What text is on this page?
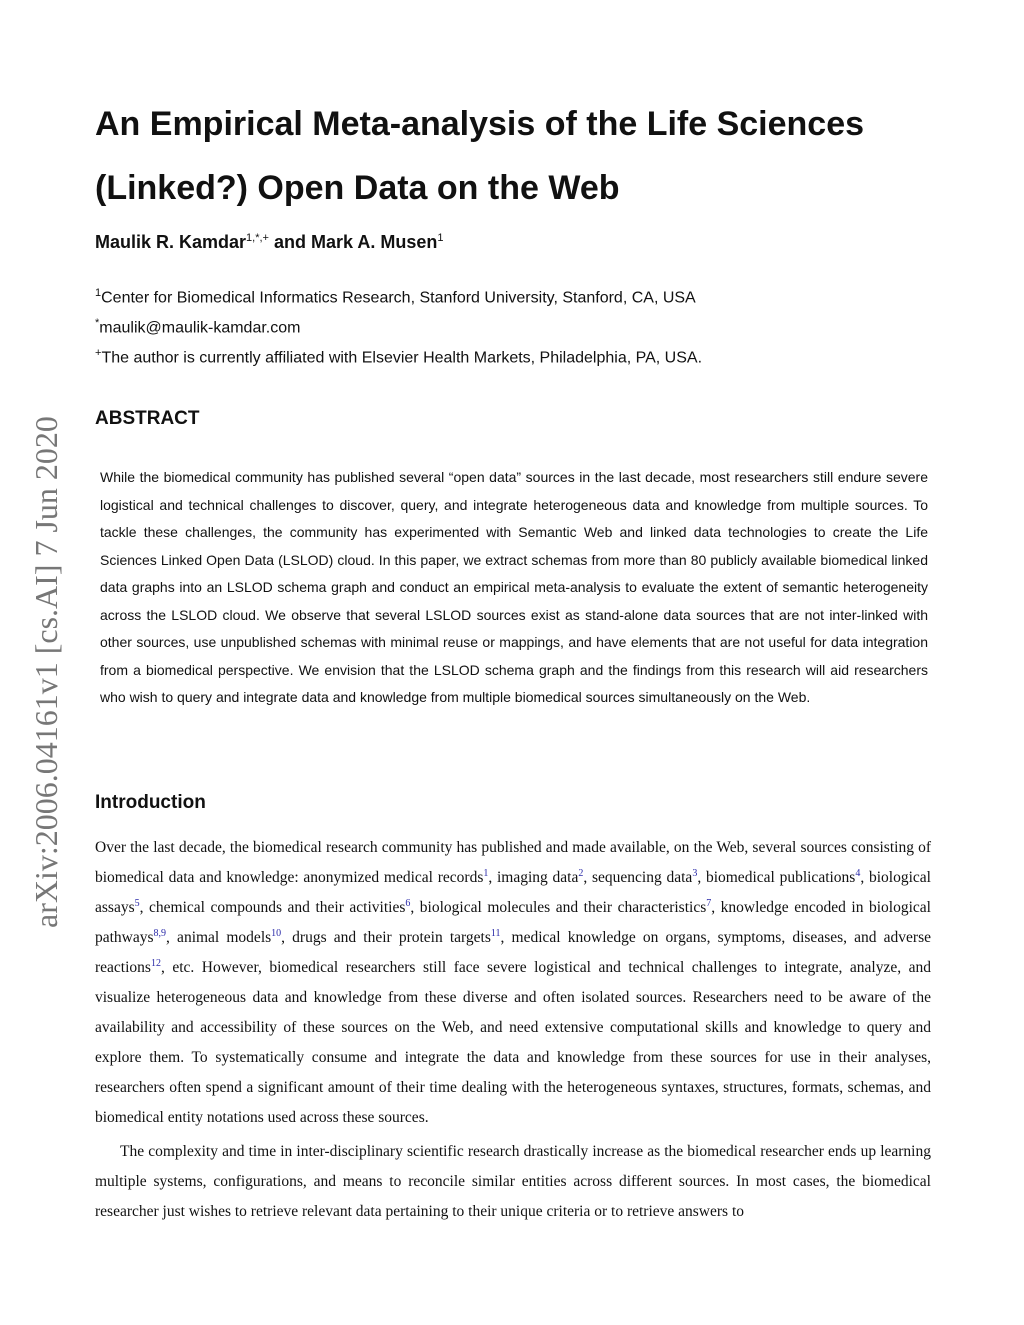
arXiv:2006.04161v1 [cs.AI] 7 Jun 2020
An Empirical Meta-analysis of the Life Sciences (Linked?) Open Data on the Web
Maulik R. Kamdar$^{1,*,+}$ and Mark A. Musen$^1$
$^1$Center for Biomedical Informatics Research, Stanford University, Stanford, CA, USA
*maulik@maulik-kamdar.com
+The author is currently affiliated with Elsevier Health Markets, Philadelphia, PA, USA.
ABSTRACT

While the biomedical community has published several “open data” sources in the last decade, most researchers still endure severe logistical and technical challenges to discover, query, and integrate heterogeneous data and knowledge from multiple sources. To tackle these challenges, the community has experimented with Semantic Web and linked data technologies to create the Life Sciences Linked Open Data (LSLOD) cloud. In this paper, we extract schemas from more than 80 publicly available biomedical linked data graphs into an LSLOD schema graph and conduct an empirical meta-analysis to evaluate the extent of semantic heterogeneity across the LSLOD cloud. We observe that several LSLOD sources exist as stand-alone data sources that are not inter-linked with other sources, use unpublished schemas with minimal reuse or mappings, and have elements that are not useful for data integration from a biomedical perspective. We envision that the LSLOD schema graph and the findings from this research will aid researchers who wish to query and integrate data and knowledge from multiple biomedical sources simultaneously on the Web.

Introduction

Over the last decade, the biomedical research community has published and made available, on the Web, several sources consisting of biomedical data and knowledge: anonymized medical records$^1$, imaging data$^2$, sequencing data$^3$, biomedical publications$^4$, biological assays$^5$, chemical compounds and their activities$^6$, biological molecules and their characteristics$^7$, knowledge encoded in biological pathways$^{8,9}$, animal models$^{10}$, drugs and their protein targets$^{11}$, medical knowledge on organs, symptoms, diseases, and adverse reactions$^{12}$, etc. However, biomedical researchers still face severe logistical and technical challenges to integrate, analyze, and visualize heterogeneous data and knowledge from these diverse and often isolated sources. Researchers need to be aware of the availability and accessibility of these sources on the Web, and need extensive computational skills and knowledge to query and explore them. To systematically consume and integrate the data and knowledge from these sources for use in their analyses, researchers often spend a significant amount of their time dealing with the heterogeneous syntaxes, structures, formats, schemas, and biomedical entity notations used across these sources.

The complexity and time in inter-disciplinary scientific research drastically increase as the biomedical researcher ends up learning multiple systems, configurations, and means to reconcile similar entities across different sources. In most cases, the biomedical researcher just wishes to retrieve relevant data pertaining to their unique criteria or to retrieve answers to
